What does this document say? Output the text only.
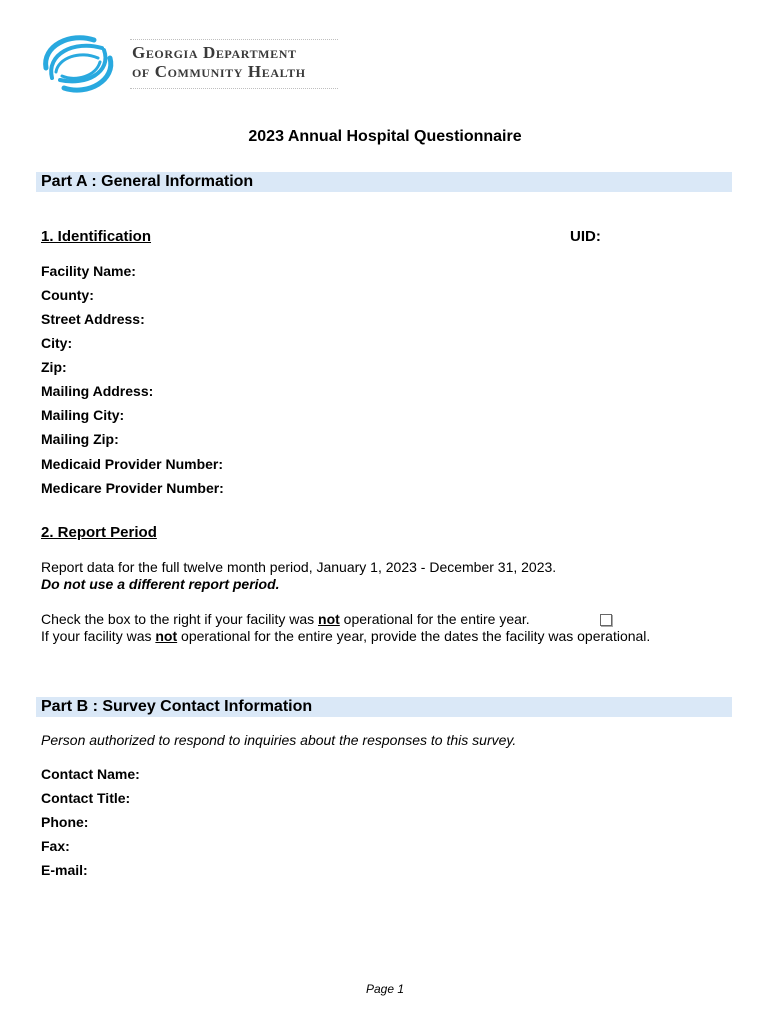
Georgia Department
of Community Health
2023 Annual Hospital Questionnaire
Part A : General Information
1. Identification	UID:
Facility Name:
County:
Street Address:
City:
Zip:
Mailing Address:
Mailing City:
Mailing Zip:
Medicaid Provider Number:
Medicare Provider Number:
2. Report Period
Report data for the full twelve month period, January 1, 2023 - December 31, 2023.
Do not use a different report period.
Check the box to the right if your facility was not operational for the entire year.
If your facility was not operational for the entire year, provide the dates the facility was operational.
Part B : Survey Contact Information
Person authorized to respond to inquiries about the responses to this survey.
Contact Name:
Contact Title:
Phone:
Fax:
E-mail:
Page 1
